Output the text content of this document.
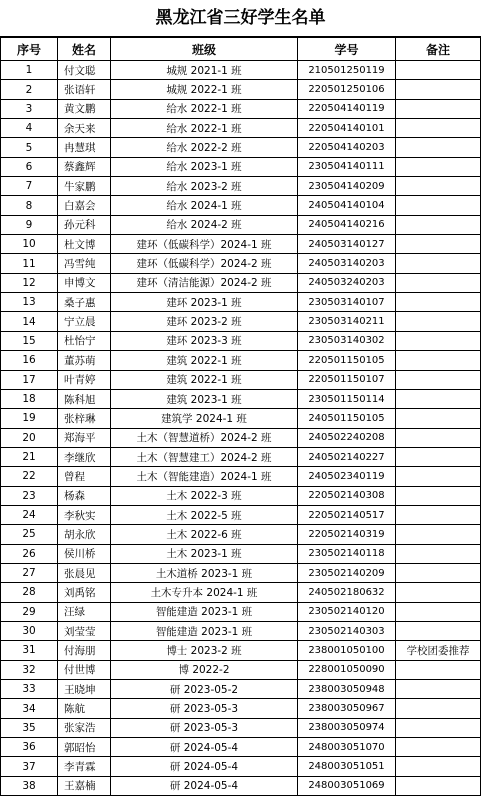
黑龙江省三好学生名单
序号	姓名	班级	学号	备注
1	付文聪	城规 2021-1 班	210501250119	
2	张语轩	城规 2022-1 班	220501250106	
3	黄文鹏	给水 2022-1 班	220504140119	
4	余天来	给水 2022-1 班	220504140101	
5	冉慧琪	给水 2022-2 班	220504140203	
6	蔡鑫辉	给水 2023-1 班	230504140111	
7	牛家鹏	给水 2023-2 班	230504140209	
8	白嘉会	给水 2024-1 班	240504140104	
9	孙元科	给水 2024-2 班	240504140216	
10	杜文博	建环（低碳科学）2024-1 班	240503140127	
11	冯雪纯	建环（低碳科学）2024-2 班	240503140203	
12	申博文	建环（清洁能源）2024-2 班	240503240203	
13	桑子惠	建环 2023-1 班	230503140107	
14	宁立晨	建环 2023-2 班	230503140211	
15	杜怡宁	建环 2023-3 班	230503140302	
16	董苏萌	建筑 2022-1 班	220501150105	
17	叶青婷	建筑 2022-1 班	220501150107	
18	陈科旭	建筑 2023-1 班	230501150114	
19	张梓琳	建筑学 2024-1 班	240501150105	
20	郑海平	土木（智慧道桥）2024-2 班	240502240208	
21	李继欣	土木（智慧建工）2024-2 班	240502140227	
22	曾程	土木（智能建造）2024-1 班	240502340119	
23	杨森	土木 2022-3 班	220502140308	
24	李秋实	土木 2022-5 班	220502140517	
25	胡永欣	土木 2022-6 班	220502140319	
26	侯川桥	土木 2023-1 班	230502140118	
27	张晨见	土木道桥 2023-1 班	230502140209	
28	刘禹铭	土木专升本 2024-1 班	240502180632	
29	汪绿	智能建造 2023-1 班	230502140120	
30	刘莹莹	智能建造 2023-1 班	230502140303	
31	付海朋	博士 2023-2 班	238001050100	学校团委推荐
32	付世博	博 2022-2	228001050090	
33	王晓坤	研 2023-05-2	238003050948	
34	陈航	研 2023-05-3	238003050967	
35	张家浩	研 2023-05-3	238003050974	
36	郭昭怡	研 2024-05-4	248003051070	
37	李青霖	研 2024-05-4	248003051051	
38	王嘉楠	研 2024-05-4	248003051069	
